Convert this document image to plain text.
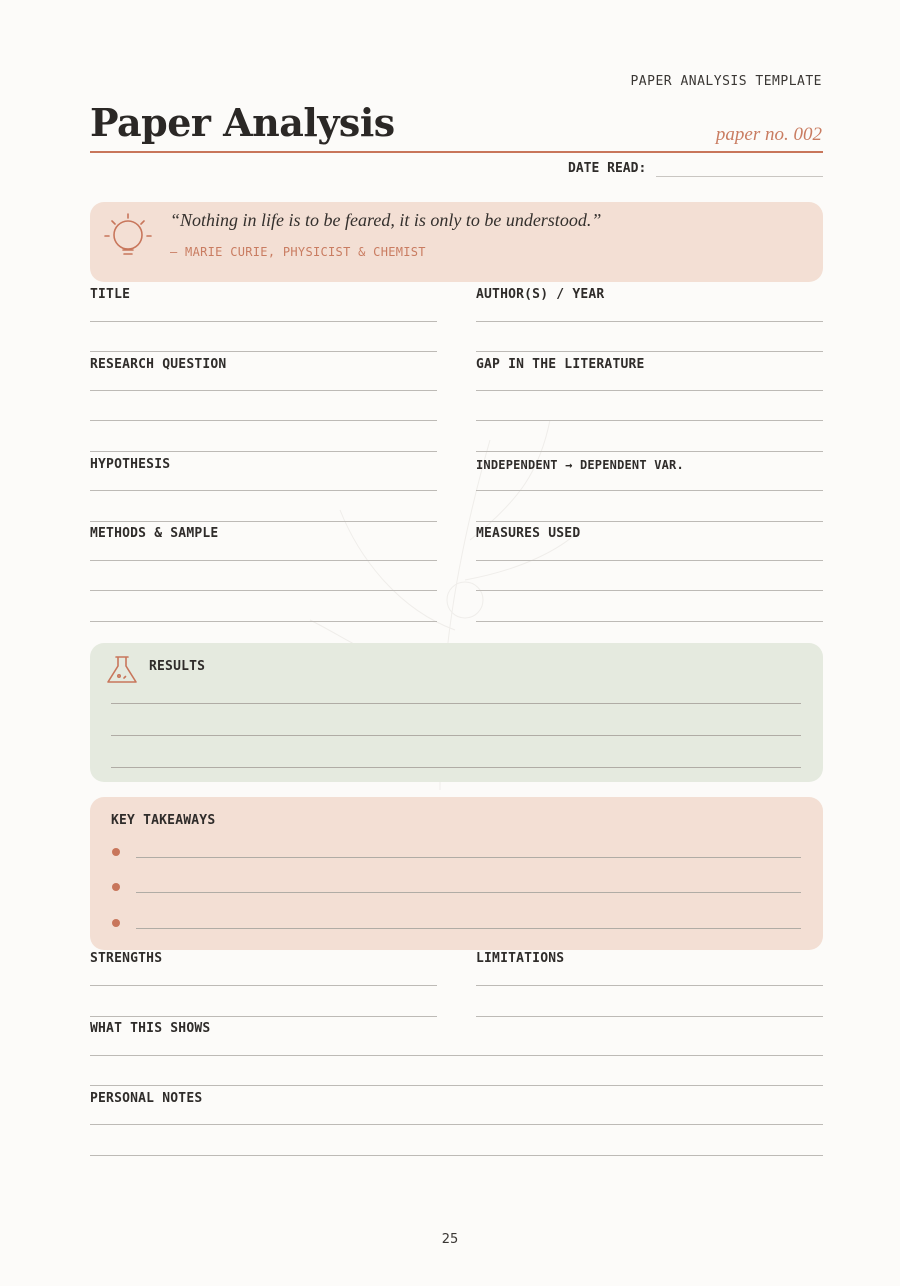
PAPER ANALYSIS TEMPLATE
Paper Analysis	paper no. 002
DATE READ:
“Nothing in life is to be feared, it is only to be understood.”
— MARIE CURIE, PHYSICIST & CHEMIST
TITLE	AUTHOR(S) / YEAR
RESEARCH QUESTION	GAP IN THE LITERATURE
HYPOTHESIS	INDEPENDENT → DEPENDENT VAR.
METHODS & SAMPLE	MEASURES USED
RESULTS
KEY TAKEAWAYS
STRENGTHS	LIMITATIONS
WHAT THIS SHOWS
PERSONAL NOTES
25
